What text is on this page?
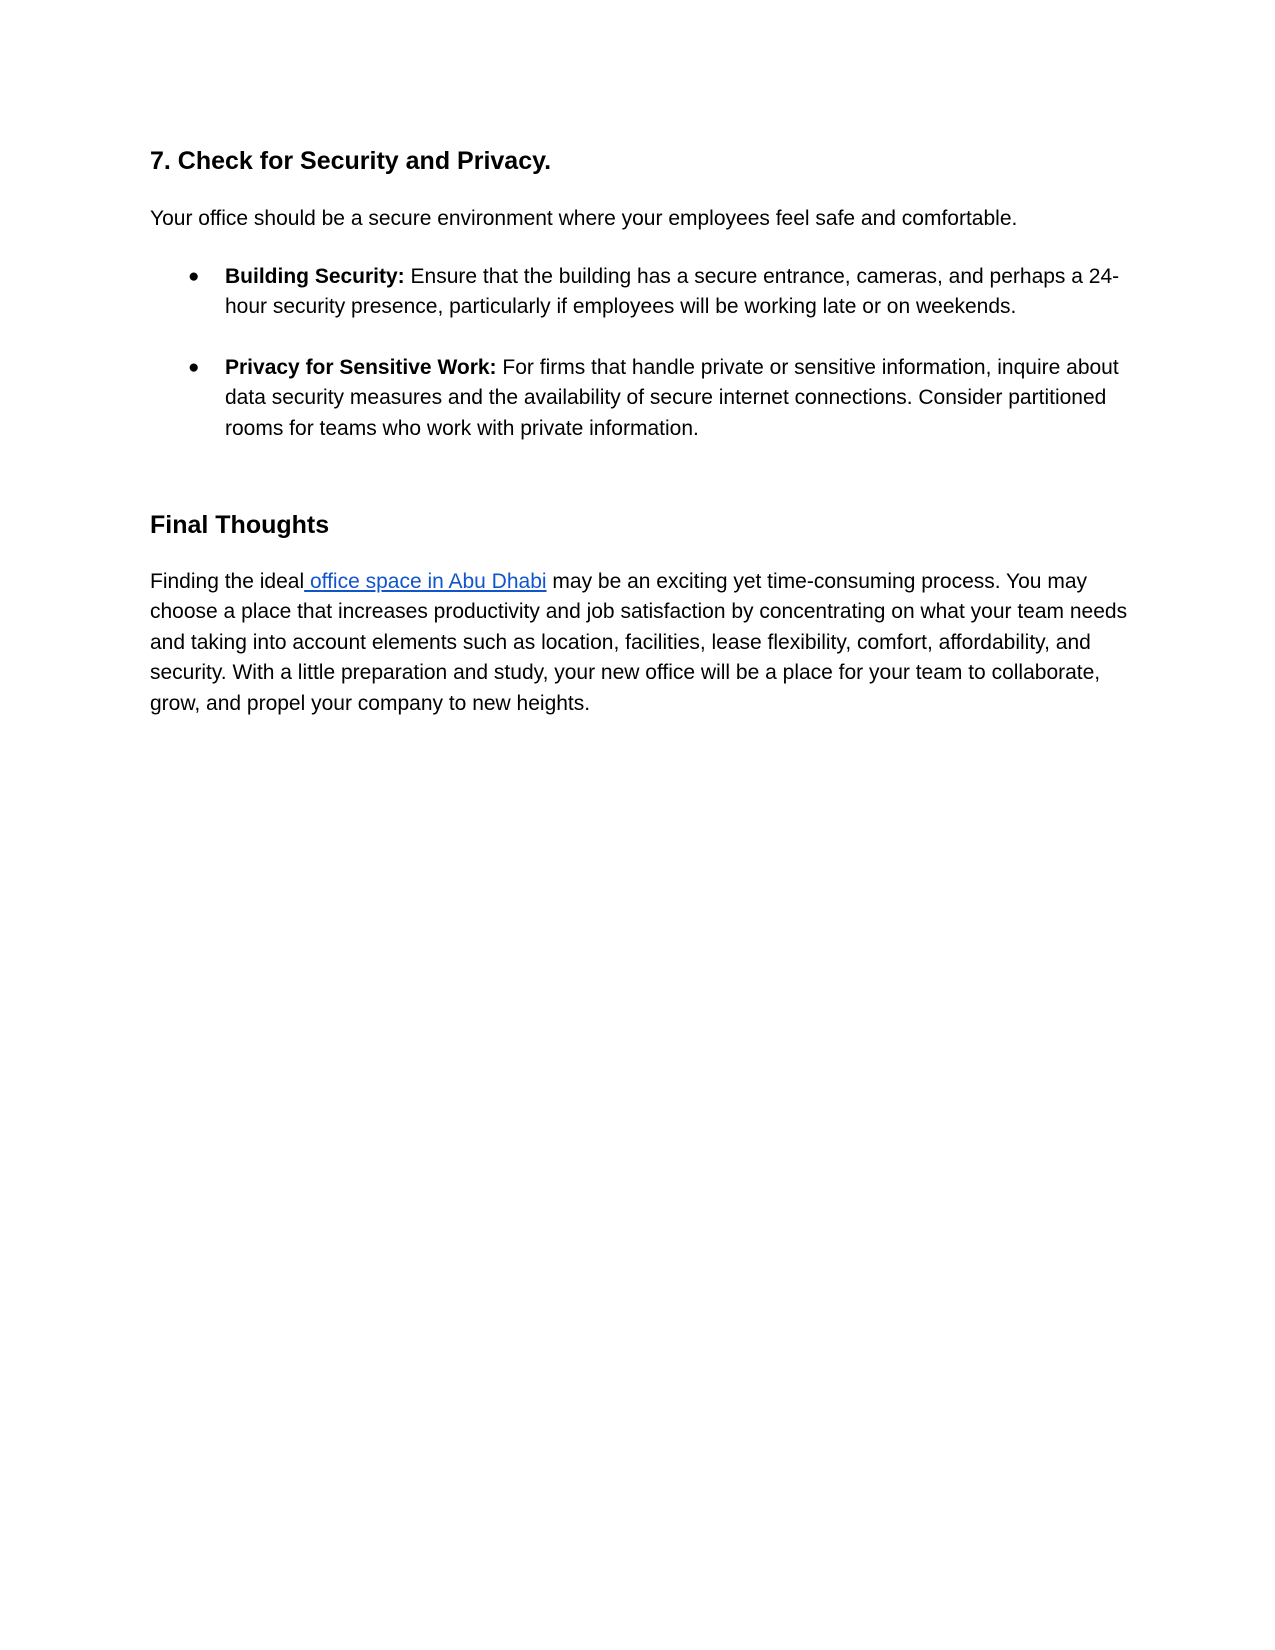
7. Check for Security and Privacy.

Your office should be a secure environment where your employees feel safe and comfortable.

● Building Security: Ensure that the building has a secure entrance, cameras, and perhaps a 24-hour security presence, particularly if employees will be working late or on weekends.
● Privacy for Sensitive Work: For firms that handle private or sensitive information, inquire about data security measures and the availability of secure internet connections. Consider partitioned rooms for teams who work with private information.
Final Thoughts

Finding the ideal office space in Abu Dhabi may be an exciting yet time-consuming process. You may choose a place that increases productivity and job satisfaction by concentrating on what your team needs and taking into account elements such as location, facilities, lease flexibility, comfort, affordability, and security. With a little preparation and study, your new office will be a place for your team to collaborate, grow, and propel your company to new heights.
